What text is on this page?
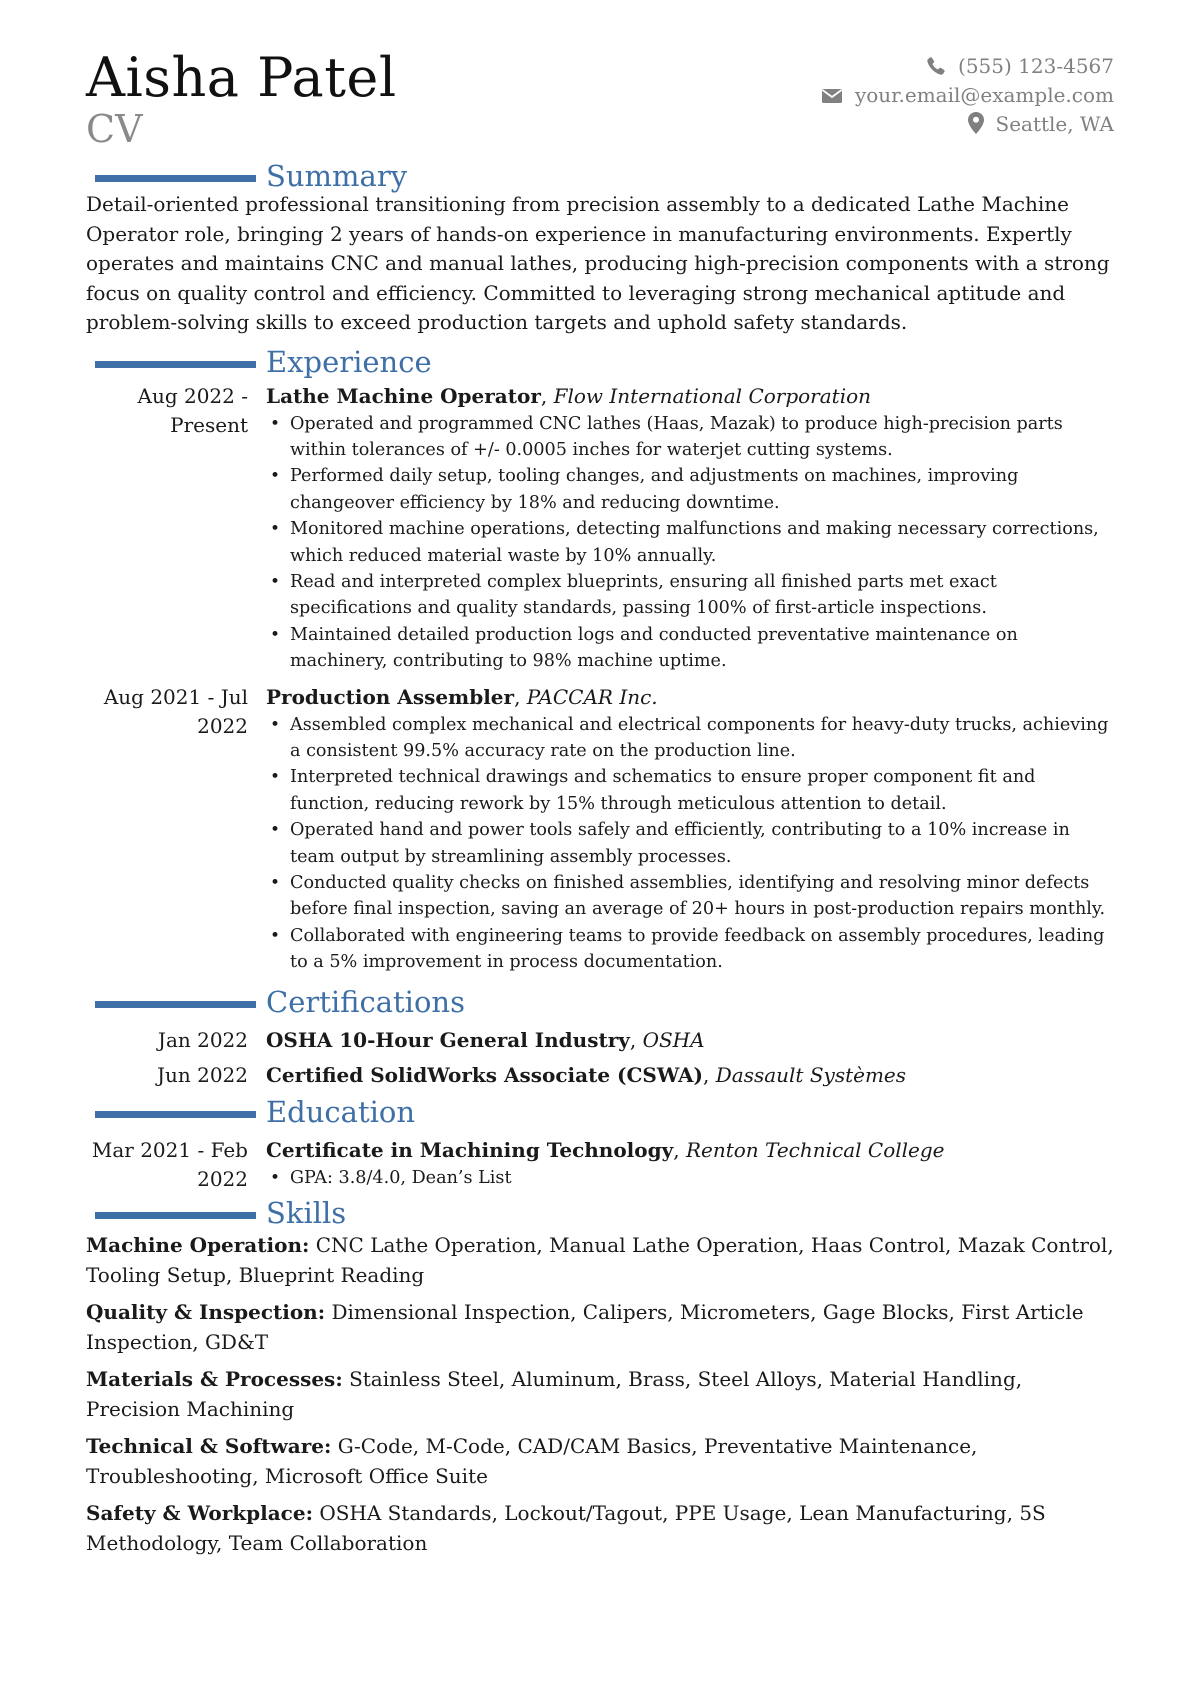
Aisha Patel
CV
(555) 123-4567
your.email@example.com
Seattle, WA
Summary

Detail-oriented professional transitioning from precision assembly to a dedicated Lathe Machine Operator role, bringing 2 years of hands-on experience in manufacturing environments. Expertly operates and maintains CNC and manual lathes, producing high-precision components with a strong focus on quality control and efficiency. Committed to leveraging strong mechanical aptitude and problem-solving skills to exceed production targets and uphold safety standards.

Experience
Aug 2022 -
Present
Lathe Machine Operator, Flow International Corporation
• Operated and programmed CNC lathes (Haas, Mazak) to produce high-precision parts within tolerances of +/- 0.0005 inches for waterjet cutting systems.
• Performed daily setup, tooling changes, and adjustments on machines, improving changeover efficiency by 18% and reducing downtime.
• Monitored machine operations, detecting malfunctions and making necessary corrections, which reduced material waste by 10% annually.
• Read and interpreted complex blueprints, ensuring all finished parts met exact specifications and quality standards, passing 100% of first-article inspections.
• Maintained detailed production logs and conducted preventative maintenance on machinery, contributing to 98% machine uptime.
Aug 2021 - Jul
2022
Production Assembler, PACCAR Inc.
• Assembled complex mechanical and electrical components for heavy-duty trucks, achieving a consistent 99.5% accuracy rate on the production line.
• Interpreted technical drawings and schematics to ensure proper component fit and function, reducing rework by 15% through meticulous attention to detail.
• Operated hand and power tools safely and efficiently, contributing to a 10% increase in team output by streamlining assembly processes.
• Conducted quality checks on finished assemblies, identifying and resolving minor defects before final inspection, saving an average of 20+ hours in post-production repairs monthly.
• Collaborated with engineering teams to provide feedback on assembly procedures, leading to a 5% improvement in process documentation.
Certifications
Jan 2022 OSHA 10-Hour General Industry, OSHA
Jun 2022 Certified SolidWorks Associate (CSWA), Dassault Systèmes
Education
Mar 2021 - Feb
2022
Certificate in Machining Technology, Renton Technical College
• GPA: 3.8/4.0, Dean’s List
Skills

Machine Operation: CNC Lathe Operation, Manual Lathe Operation, Haas Control, Mazak Control, Tooling Setup, Blueprint Reading

Quality & Inspection: Dimensional Inspection, Calipers, Micrometers, Gage Blocks, First Article Inspection, GD&T

Materials & Processes: Stainless Steel, Aluminum, Brass, Steel Alloys, Material Handling, Precision Machining

Technical & Software: G-Code, M-Code, CAD/CAM Basics, Preventative Maintenance, Troubleshooting, Microsoft Office Suite

Safety & Workplace: OSHA Standards, Lockout/Tagout, PPE Usage, Lean Manufacturing, 5S Methodology, Team Collaboration
